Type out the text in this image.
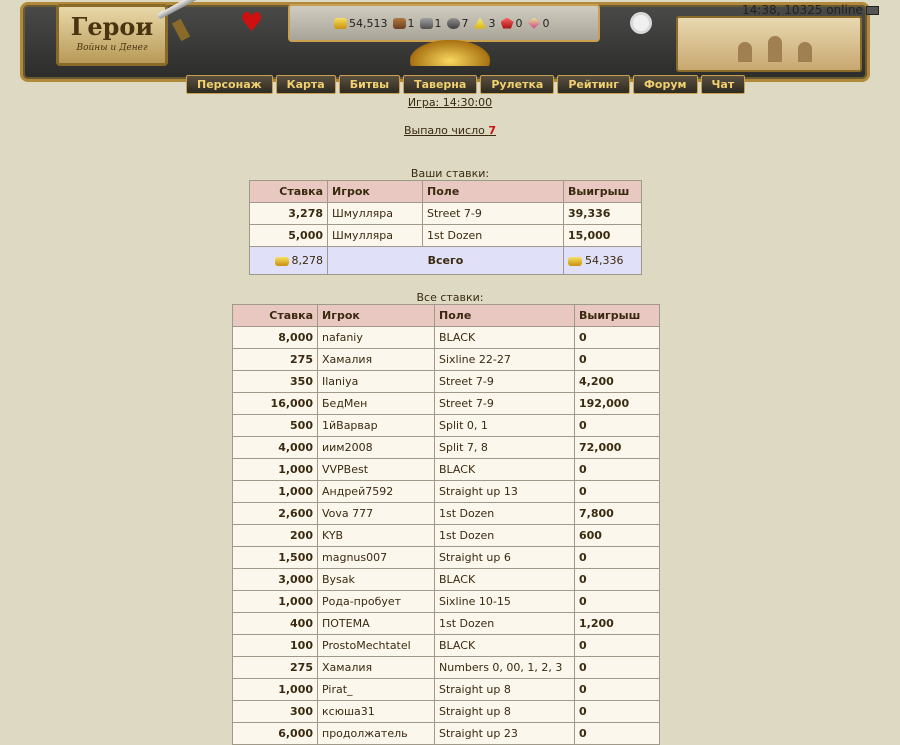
Герои
Войны и Денег
♥	54,513 1 1 7 3 0 0
14:38, 10325 online
Персонаж	Карта	Битвы	Таверна	Рулетка	Рейтинг	Форум	Чат
Игра: 14:30:00
Выпало число 7
Ваши ставки:
Ставка	Игрок	Поле	Выигрыш
3,278	Шмулляра	Street 7-9	39,336
5,000	Шмулляра	1st Dozen	15,000
8,278	Всего		54,336
Все ставки:
Ставка	Игрок	Поле	Выигрыш
8,000	nafaniy	BLACK	0
275	Хамалия	Sixline 22-27	0
350	Ilaniya	Street 7-9	4,200
16,000	БедМен	Street 7-9	192,000
500	1йВарвар	Split 0, 1	0
4,000	иим2008	Split 7, 8	72,000
1,000	VVPBest	BLACK	0
1,000	Андрей7592	Straight up 13	0
2,600	Vova 777	1st Dozen	7,800
200	KYB	1st Dozen	600
1,500	magnus007	Straight up 6	0
3,000	Bysak	BLACK	0
1,000	Рода-пробует	Sixline 10-15	0
400	ПОТЕМА	1st Dozen	1,200
100	ProstoMechtatel	BLACK	0
275	Хамалия	Numbers 0, 00, 1, 2, 3	0
1,000	Pirat_	Straight up 8	0
300	ксюша31	Straight up 8	0
6,000	продолжатель	Straight up 23	0
